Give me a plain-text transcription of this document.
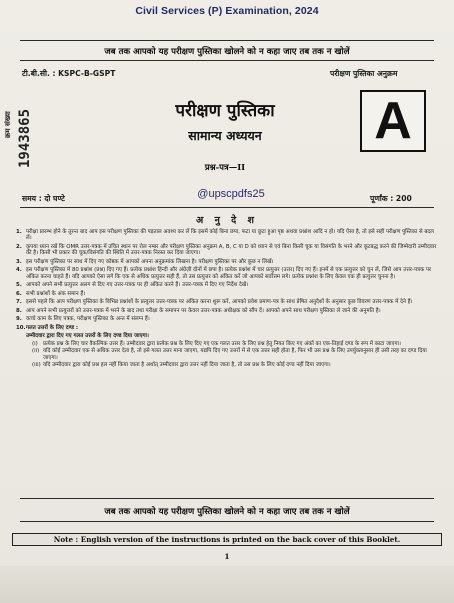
Civil Services (P) Examination, 2024
जब तक आपको यह परीक्षण पुस्तिका खोलने को न कहा जाए तब तक न खोलें
टी.बी.सी. : KSPC-B-GSPT	परीक्षण पुस्तिका अनुक्रम
क्रम संख्या 1943865	परीक्षण पुस्तिका
सामान्य अध्ययन
प्रश्न-पत्र—II
A
समय : दो घण्टे	@upscpdfs25	पूर्णांक : 200
अ नु दे श
1. परीक्षा प्रारम्भ होने के तुरन्त बाद आप इस परीक्षण पुस्तिका की पड़ताल अवश्य कर लें कि इसमें कोई बिना छपा, फटा या छूटा हुआ पृष्ठ अथवा प्रश्नांश आदि न हो। यदि ऐसा है, तो इसे सही परीक्षण पुस्तिका से बदल लें।
2. कृपया ध्यान रखें कि OMR उत्तर-पत्रक में उचित स्थान पर रोल नम्बर और परीक्षण पुस्तिका अनुक्रम A, B, C या D को ध्यान से एवं बिना किसी चूक या विसंगति के भरने और कूटबद्ध करने की जिम्मेदारी उम्मीदवार की है। किसी भी प्रकार की चूक/विसंगति की स्थिति में उत्तर-पत्रक निरस्त कर दिया जाएगा।
3. इस परीक्षण पुस्तिका पर साथ में दिए गए कोष्ठक में आपको अपना अनुक्रमांक लिखना है। परीक्षण पुस्तिका पर और कुछ न लिखें।
4. इस परीक्षण पुस्तिका में 80 प्रश्नांश (प्रश्न) दिए गए हैं। प्रत्येक प्रश्नांश हिन्दी और अंग्रेज़ी दोनों में छपा है। प्रत्येक प्रश्नांश में चार प्रत्युत्तर (उत्तर) दिए गए हैं। इनमें से एक प्रत्युत्तर को चुन लें, जिसे आप उत्तर-पत्रक पर अंकित करना चाहते हैं। यदि आपको ऐसा लगे कि एक से अधिक प्रत्युत्तर सही हैं, तो उस प्रत्युत्तर को अंकित करें जो आपको सर्वोत्तम लगे। प्रत्येक प्रश्नांश के लिए केवल एक ही प्रत्युत्तर चुनना है।
5. आपको अपने सभी प्रत्युत्तर अलग से दिए गए उत्तर-पत्रक पर ही अंकित करने हैं। उत्तर-पत्रक में दिए गए निर्देश देखें।
6. सभी प्रश्नांशों के अंक समान हैं।
7. इससे पहले कि आप परीक्षण पुस्तिका के विभिन्न प्रश्नांशों के प्रत्युत्तर उत्तर-पत्रक पर अंकित करना शुरू करें, आपको प्रवेश प्रमाण-पत्र के साथ प्रेषित अनुदेशों के अनुसार कुछ विवरण उत्तर-पत्रक में देने हैं।
8. आप अपने सभी प्रत्युत्तरों को उत्तर-पत्रक में भरने के बाद तथा परीक्षा के समापन पर केवल उत्तर-पत्रक अधीक्षक को सौंप दें। आपको अपने साथ परीक्षण पुस्तिका ले जाने की अनुमति है।
9. कच्चे काम के लिए पत्रक, परीक्षण पुस्तिका के अन्त में संलग्न हैं।
10. गलत उत्तरों के लिए दण्ड :
उम्मीदवार द्वारा दिए गए गलत उत्तरों के लिए दण्ड दिया जाएगा।
(i) प्रत्येक प्रश्न के लिए चार वैकल्पिक उत्तर हैं। उम्मीदवार द्वारा प्रत्येक प्रश्न के लिए दिए गए एक गलत उत्तर के लिए प्रश्न हेतु नियत किए गए अंकों का एक-तिहाई दण्ड के रूप में काटा जाएगा।
(ii) यदि कोई उम्मीदवार एक से अधिक उत्तर देता है, तो इसे गलत उत्तर माना जाएगा, यद्यपि दिए गए उत्तरों में से एक उत्तर सही होता है, फिर भी उस प्रश्न के लिए उपर्युक्तानुसार ही उसी तरह का दण्ड दिया जाएगा।
(iii) यदि उम्मीदवार द्वारा कोई प्रश्न हल नहीं किया जाता है अर्थात् उम्मीदवार द्वारा उत्तर नहीं दिया जाता है, तो उस प्रश्न के लिए कोई दण्ड नहीं दिया जाएगा।
जब तक आपको यह परीक्षण पुस्तिका खोलने को न कहा जाए तब तक न खोलें
Note : English version of the instructions is printed on the back cover of this Booklet.
1
